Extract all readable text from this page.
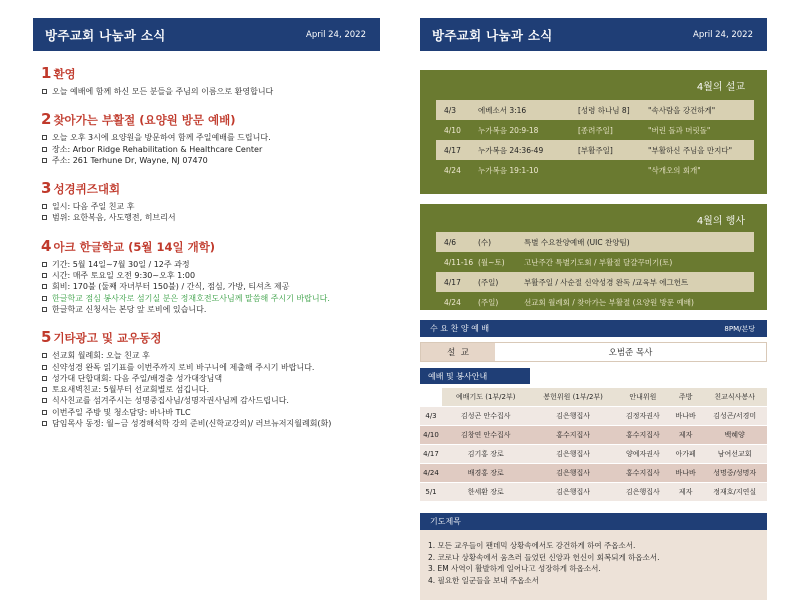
방주교회 나눔과 소식	April 24, 2022
1 환영
오늘 예배에 함께 하신 모든 분들을 주님의 이름으로 환영합니다
2 찾아가는 부활절 (요양원 방문 예배)
오늘 오후 3시에 요양원을 방문하여 함께 주일예배를 드립니다.
장소: Arbor Ridge Rehabilitation & Healthcare Center
주소: 261 Terhune Dr, Wayne, NJ 07470
3 성경퀴즈대회
일시: 다음 주일 친교 후
범위: 요한복음, 사도행전, 히브리서
4 아크 한글학교 (5월 14일 개학)
기간: 5월 14일~7월 30일 / 12주 과정
시간: 매주 토요일 오전 9:30~오후 1:00
회비: 170불 (둘째 자녀부터 150불) / 간식, 점심, 가방, 티셔츠 제공
한글학교 점심 봉사자로 섬기실 분은 정재호전도사님께 말씀해 주시기 바랍니다.
한글학교 신청서는 본당 앞 로비에 있습니다.
5 기타광고 및 교우동정
선교회 월례회: 오늘 친교 후
신약성경 완독 읽기표를 이번주까지 로비 바구니에 제출해 주시기 바랍니다.
성가대 단합대회: 다음 주일/배경춤 성가대장님댁
토요새벽친교: 5월부터 선교회별로 섬깁니다.
식사친교를 섬겨주시는 성명중집사님/성명자권사님께 감사드립니다.
이번주일 주방 및 청소담당: 바나바 TLC
담임목사 동정: 월~금 성경해석학 강의 준비(신학교강의)/ 러브뉴저지월례회(화)
방주교회 나눔과 소식	April 24, 2022
4월의 설교
4/3	에베소서 3:16	[성령 하나님 8]	"속사람을 강건하게"
4/10	누가복음 20:9-18	[종려주일]	"버린 돌과 머릿돌"
4/17	누가복음 24:36-49	[부활주일]	"부활하신 주님을 만지다"
4/24	누가복음 19:1-10		"삭개오의 회개"
4월의 행사
4/6	(수)	특별 수요찬양예배 (UIC 찬양팀)
4/11-16	(월~토)	고난주간 특별기도회 / 부활절 달걀꾸미기(토)
4/17	(주일)	부활주일 / 사순절 신약성경 완독 /교육부 에그헌트
4/24	(주일)	선교회 월례회 / 찾아가는 부활절 (요양원 방문 예배)
수 요 찬 양 예 배	8PM/본당
설  교	오범준 목사
예배 및 봉사안내
	예배기도 (1부/2부)	봉헌위원 (1부/2부)	안내위원	주방	친교식사봉사
4/3	김성곤 안수집사	김은행집사	김정자권사	바나바	김성곤/서경미
4/10	김창연 안수집사	홍수지집사	홍수지집사	제자	백혜양
4/17	김기홍 장로	김은행집사	양예자권사	아가페	남여선교회
4/24	배경홍 장로	김은행집사	홍수지집사	바나바	성명중/성명자
5/1	한세환 장로	김은행집사	김은행집사	제자	정재호/지연실
기도제목
1. 모든 교우들이 팬데믹 상황속에서도 강건하게 하여 주옵소서.
2. 코로나 상황속에서 움츠러 들었던 신앙과 헌신이 회복되게 하옵소서.
3. EM 사역이 활발하게 일어나고 성장하게 하옵소서.
4. 필요한 일군들을 보내 주옵소서
